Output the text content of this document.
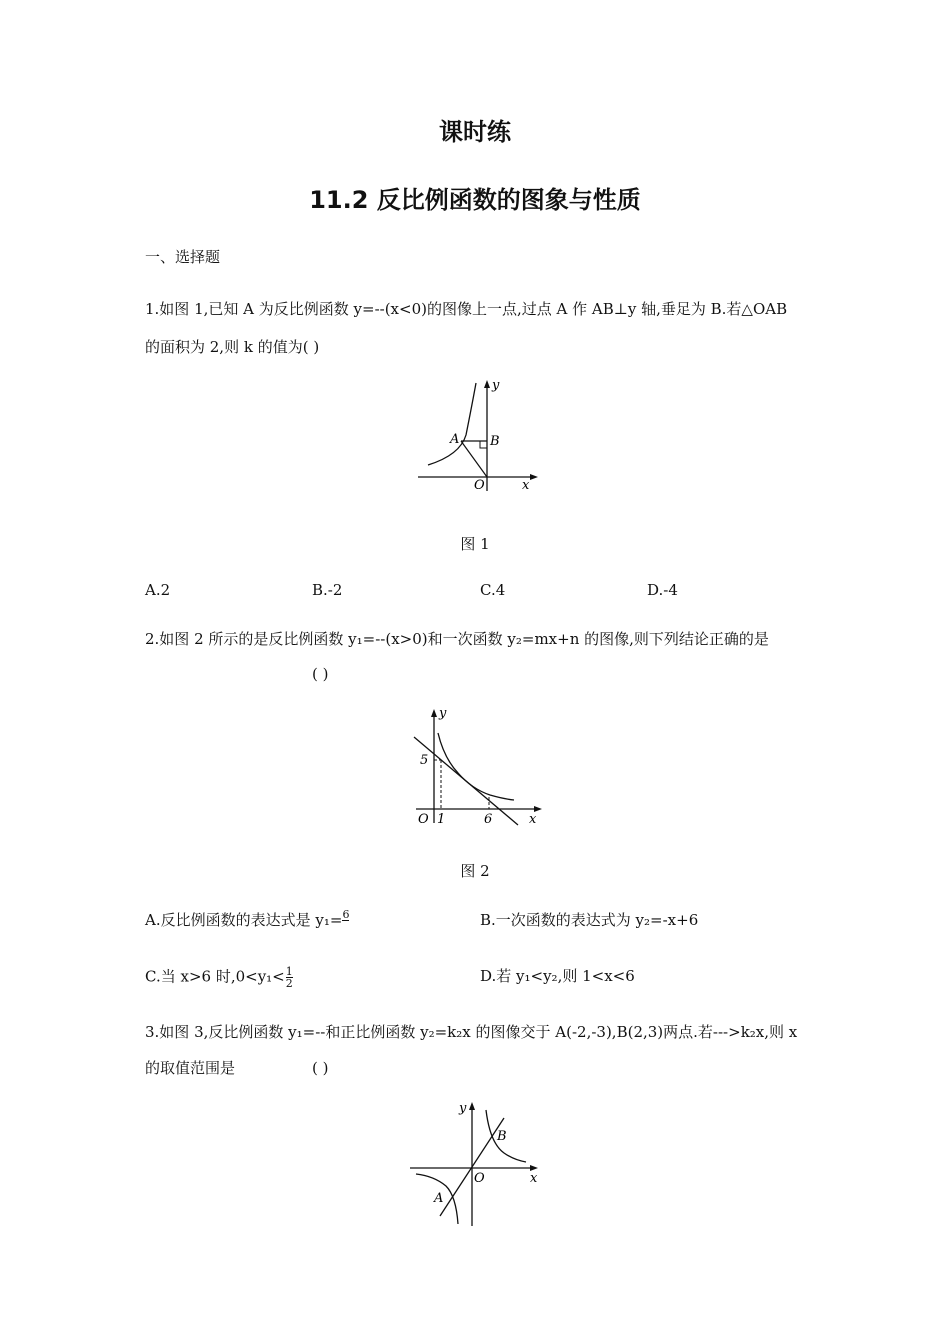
课时练
11.2 反比例函数的图象与性质
一、选择题
1.如图 1,已知 A 为反比例函数 y=--(x<0)的图像上一点,过点 A 作 AB⊥y 轴,垂足为 B.若△OAB
的面积为 2,则 k 的值为( )
A B
O	x
y
图 1
A.2	B.-2	C.4	D.-4
2.如图 2 所示的是反比例函数 y₁=--(x>0)和一次函数 y₂=mx+n 的图像,则下列结论正确的是
( )
5
1	6
O	x
y
图 2
A.反比例函数的表达式是 y₁=6	B.一次函数的表达式为 y₂=-x+6
C.当 x>6 时$,0<y_1< \frac{1}{2}$	D.若 y₁<y₂,则 1<x<6
3.如图 3,反比例函数 y₁=--和正比例函数 y₂=k₂x 的图像交于 A(-2,-3),B(2,3)两点.若--->k₂x,则 x
的取值范围是	( )
A
B
O	x
y
